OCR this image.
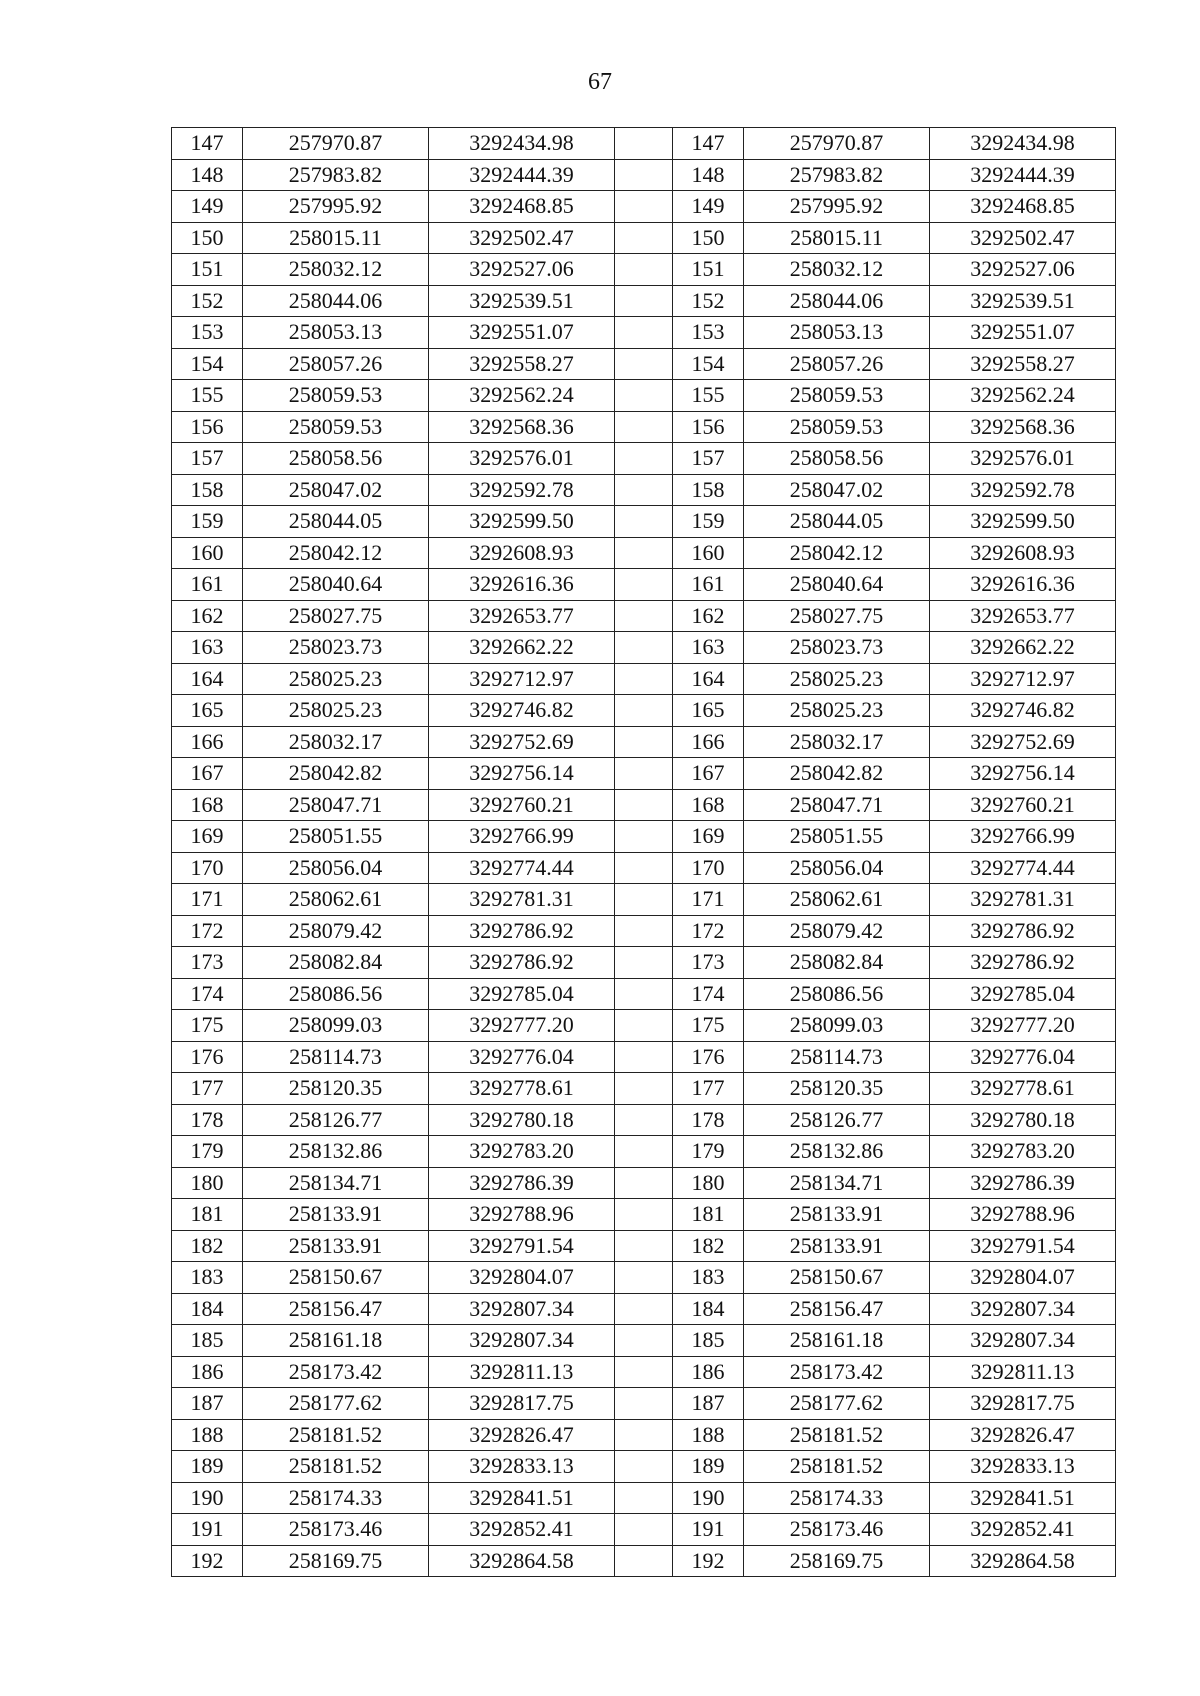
67
147	257970.87	3292434.98		147	257970.87	3292434.98
148	257983.82	3292444.39		148	257983.82	3292444.39
149	257995.92	3292468.85		149	257995.92	3292468.85
150	258015.11	3292502.47		150	258015.11	3292502.47
151	258032.12	3292527.06		151	258032.12	3292527.06
152	258044.06	3292539.51		152	258044.06	3292539.51
153	258053.13	3292551.07		153	258053.13	3292551.07
154	258057.26	3292558.27		154	258057.26	3292558.27
155	258059.53	3292562.24		155	258059.53	3292562.24
156	258059.53	3292568.36		156	258059.53	3292568.36
157	258058.56	3292576.01		157	258058.56	3292576.01
158	258047.02	3292592.78		158	258047.02	3292592.78
159	258044.05	3292599.50		159	258044.05	3292599.50
160	258042.12	3292608.93		160	258042.12	3292608.93
161	258040.64	3292616.36		161	258040.64	3292616.36
162	258027.75	3292653.77		162	258027.75	3292653.77
163	258023.73	3292662.22		163	258023.73	3292662.22
164	258025.23	3292712.97		164	258025.23	3292712.97
165	258025.23	3292746.82		165	258025.23	3292746.82
166	258032.17	3292752.69		166	258032.17	3292752.69
167	258042.82	3292756.14		167	258042.82	3292756.14
168	258047.71	3292760.21		168	258047.71	3292760.21
169	258051.55	3292766.99		169	258051.55	3292766.99
170	258056.04	3292774.44		170	258056.04	3292774.44
171	258062.61	3292781.31		171	258062.61	3292781.31
172	258079.42	3292786.92		172	258079.42	3292786.92
173	258082.84	3292786.92		173	258082.84	3292786.92
174	258086.56	3292785.04		174	258086.56	3292785.04
175	258099.03	3292777.20		175	258099.03	3292777.20
176	258114.73	3292776.04		176	258114.73	3292776.04
177	258120.35	3292778.61		177	258120.35	3292778.61
178	258126.77	3292780.18		178	258126.77	3292780.18
179	258132.86	3292783.20		179	258132.86	3292783.20
180	258134.71	3292786.39		180	258134.71	3292786.39
181	258133.91	3292788.96		181	258133.91	3292788.96
182	258133.91	3292791.54		182	258133.91	3292791.54
183	258150.67	3292804.07		183	258150.67	3292804.07
184	258156.47	3292807.34		184	258156.47	3292807.34
185	258161.18	3292807.34		185	258161.18	3292807.34
186	258173.42	3292811.13		186	258173.42	3292811.13
187	258177.62	3292817.75		187	258177.62	3292817.75
188	258181.52	3292826.47		188	258181.52	3292826.47
189	258181.52	3292833.13		189	258181.52	3292833.13
190	258174.33	3292841.51		190	258174.33	3292841.51
191	258173.46	3292852.41		191	258173.46	3292852.41
192	258169.75	3292864.58		192	258169.75	3292864.58
